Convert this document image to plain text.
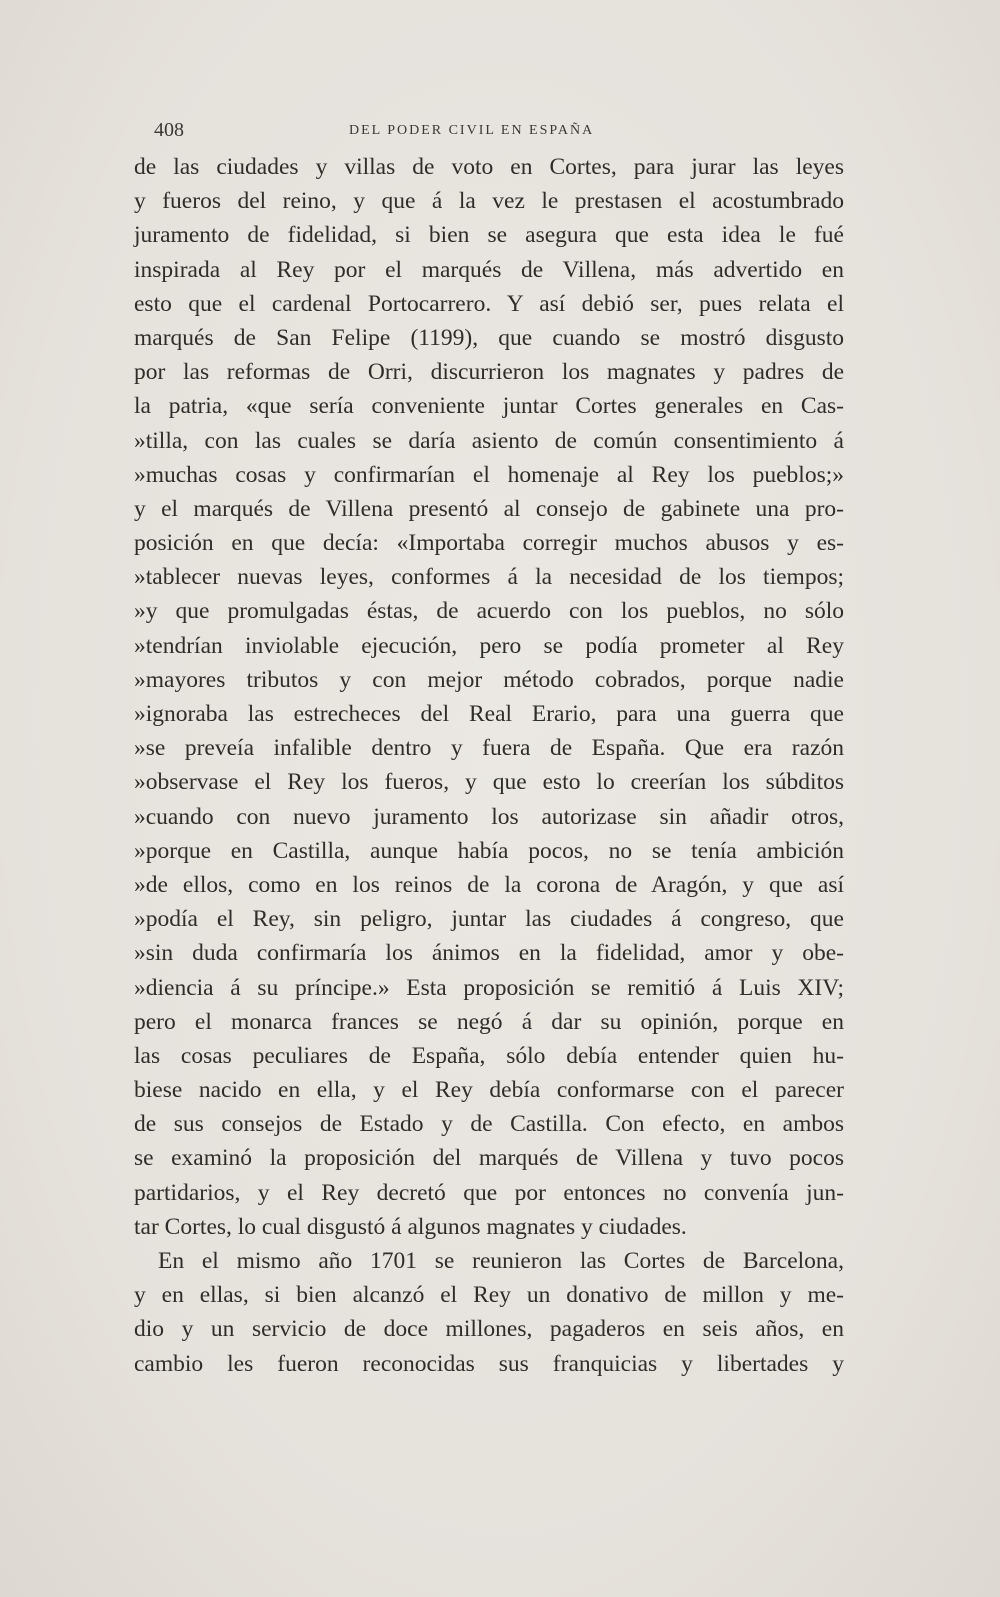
408	DEL PODER CIVIL EN ESPAÑA
de las ciudades y villas de voto en Cortes, para jurar las leyes
y fueros del reino, y que á la vez le prestasen el acostumbrado
juramento de fidelidad, si bien se asegura que esta idea le fué
inspirada al Rey por el marqués de Villena, más advertido en
esto que el cardenal Portocarrero. Y así debió ser, pues relata el
marqués de San Felipe (1199), que cuando se mostró disgusto
por las reformas de Orri, discurrieron los magnates y padres de
la patria, «que sería conveniente juntar Cortes generales en Cas-
»tilla, con las cuales se daría asiento de común consentimiento á
»muchas cosas y confirmarían el homenaje al Rey los pueblos;»
y el marqués de Villena presentó al consejo de gabinete una pro-
posición en que decía: «Importaba corregir muchos abusos y es-
»tablecer nuevas leyes, conformes á la necesidad de los tiempos;
»y que promulgadas éstas, de acuerdo con los pueblos, no sólo
»tendrían inviolable ejecución, pero se podía prometer al Rey
»mayores tributos y con mejor método cobrados, porque nadie
»ignoraba las estrecheces del Real Erario, para una guerra que
»se preveía infalible dentro y fuera de España. Que era razón
»observase el Rey los fueros, y que esto lo creerían los súbditos
»cuando con nuevo juramento los autorizase sin añadir otros,
»porque en Castilla, aunque había pocos, no se tenía ambición
»de ellos, como en los reinos de la corona de Aragón, y que así
»podía el Rey, sin peligro, juntar las ciudades á congreso, que
»sin duda confirmaría los ánimos en la fidelidad, amor y obe-
»diencia á su príncipe.» Esta proposición se remitió á Luis XIV;
pero el monarca frances se negó á dar su opinión, porque en
las cosas peculiares de España, sólo debía entender quien hu-
biese nacido en ella, y el Rey debía conformarse con el parecer
de sus consejos de Estado y de Castilla. Con efecto, en ambos
se examinó la proposición del marqués de Villena y tuvo pocos
partidarios, y el Rey decretó que por entonces no convenía jun-
tar Cortes, lo cual disgustó á algunos magnates y ciudades.
En el mismo año 1701 se reunieron las Cortes de Barcelona,
y en ellas, si bien alcanzó el Rey un donativo de millon y me-
dio y un servicio de doce millones, pagaderos en seis años, en
cambio les fueron reconocidas sus franquicias y libertades y
